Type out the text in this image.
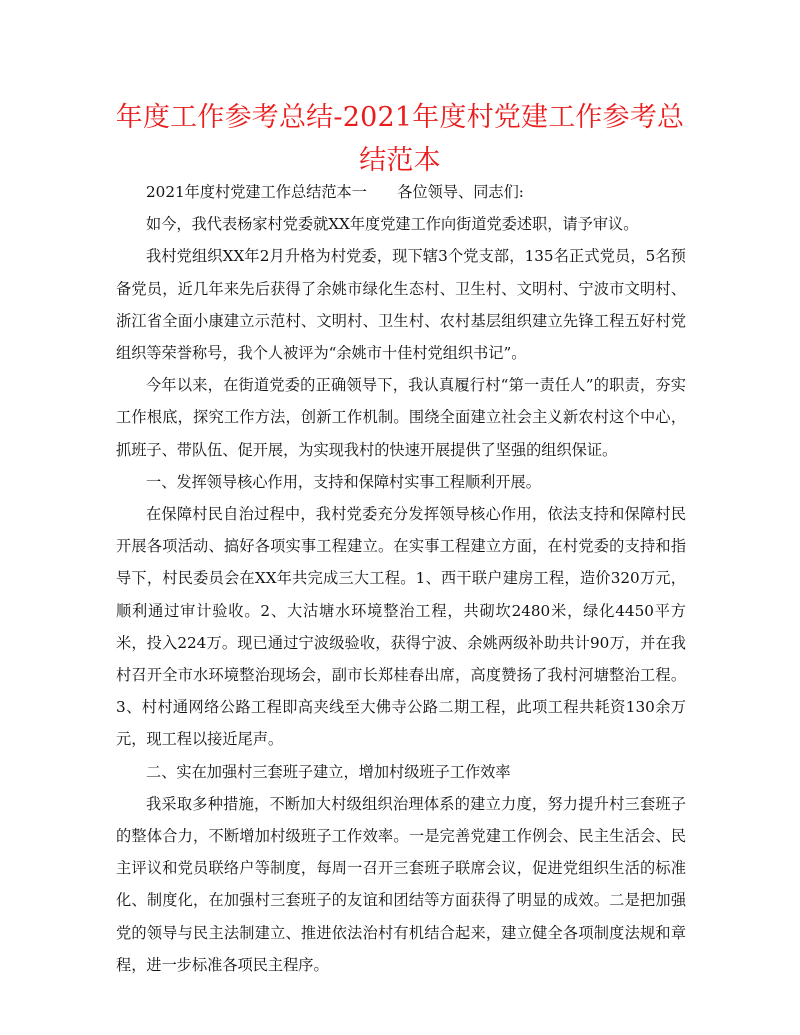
年度工作参考总结-2021年度村党建工作参考总结范本

2021年度村党建工作总结范本一　　各位领导、同志们:

如今，我代表杨家村党委就XX年度党建工作向街道党委述职，请予审议。

我村党组织XX年2月升格为村党委，现下辖3个党支部，135名正式党员，5名预备党员，近几年来先后获得了余姚市绿化生态村、卫生村、文明村、宁波市文明村、浙江省全面小康建立示范村、文明村、卫生村、农村基层组织建立先锋工程五好村党组织等荣誉称号，我个人被评为“余姚市十佳村党组织书记”。

今年以来，在街道党委的正确领导下，我认真履行村“第一责任人”的职责，夯实工作根底，探究工作方法，创新工作机制。围绕全面建立社会主义新农村这个中心，抓班子、带队伍、促开展，为实现我村的快速开展提供了坚强的组织保证。

一、发挥领导核心作用，支持和保障村实事工程顺利开展。

在保障村民自治过程中，我村党委充分发挥领导核心作用，依法支持和保障村民开展各项活动、搞好各项实事工程建立。在实事工程建立方面，在村党委的支持和指导下，村民委员会在XX年共完成三大工程。1、西干联户建房工程，造价320万元，顺利通过审计验收。2、大沽塘水环境整治工程，共砌坎2480米，绿化4450平方米，投入224万。现已通过宁波级验收，获得宁波、余姚两级补助共计90万，并在我村召开全市水环境整治现场会，副市长郑桂春出席，高度赞扬了我村河塘整治工程。3、村村通网络公路工程即高夹线至大佛寺公路二期工程，此项工程共耗资130余万元，现工程以接近尾声。

二、实在加强村三套班子建立，增加村级班子工作效率

我采取多种措施，不断加大村级组织治理体系的建立力度，努力提升村三套班子的整体合力，不断增加村级班子工作效率。一是完善党建工作例会、民主生活会、民主评议和党员联络户等制度，每周一召开三套班子联席会议，促进党组织生活的标准化、制度化，在加强村三套班子的友谊和团结等方面获得了明显的成效。二是把加强党的领导与民主法制建立、推进依法治村有机结合起来，建立健全各项制度法规和章程，进一步标准各项民主程序。
